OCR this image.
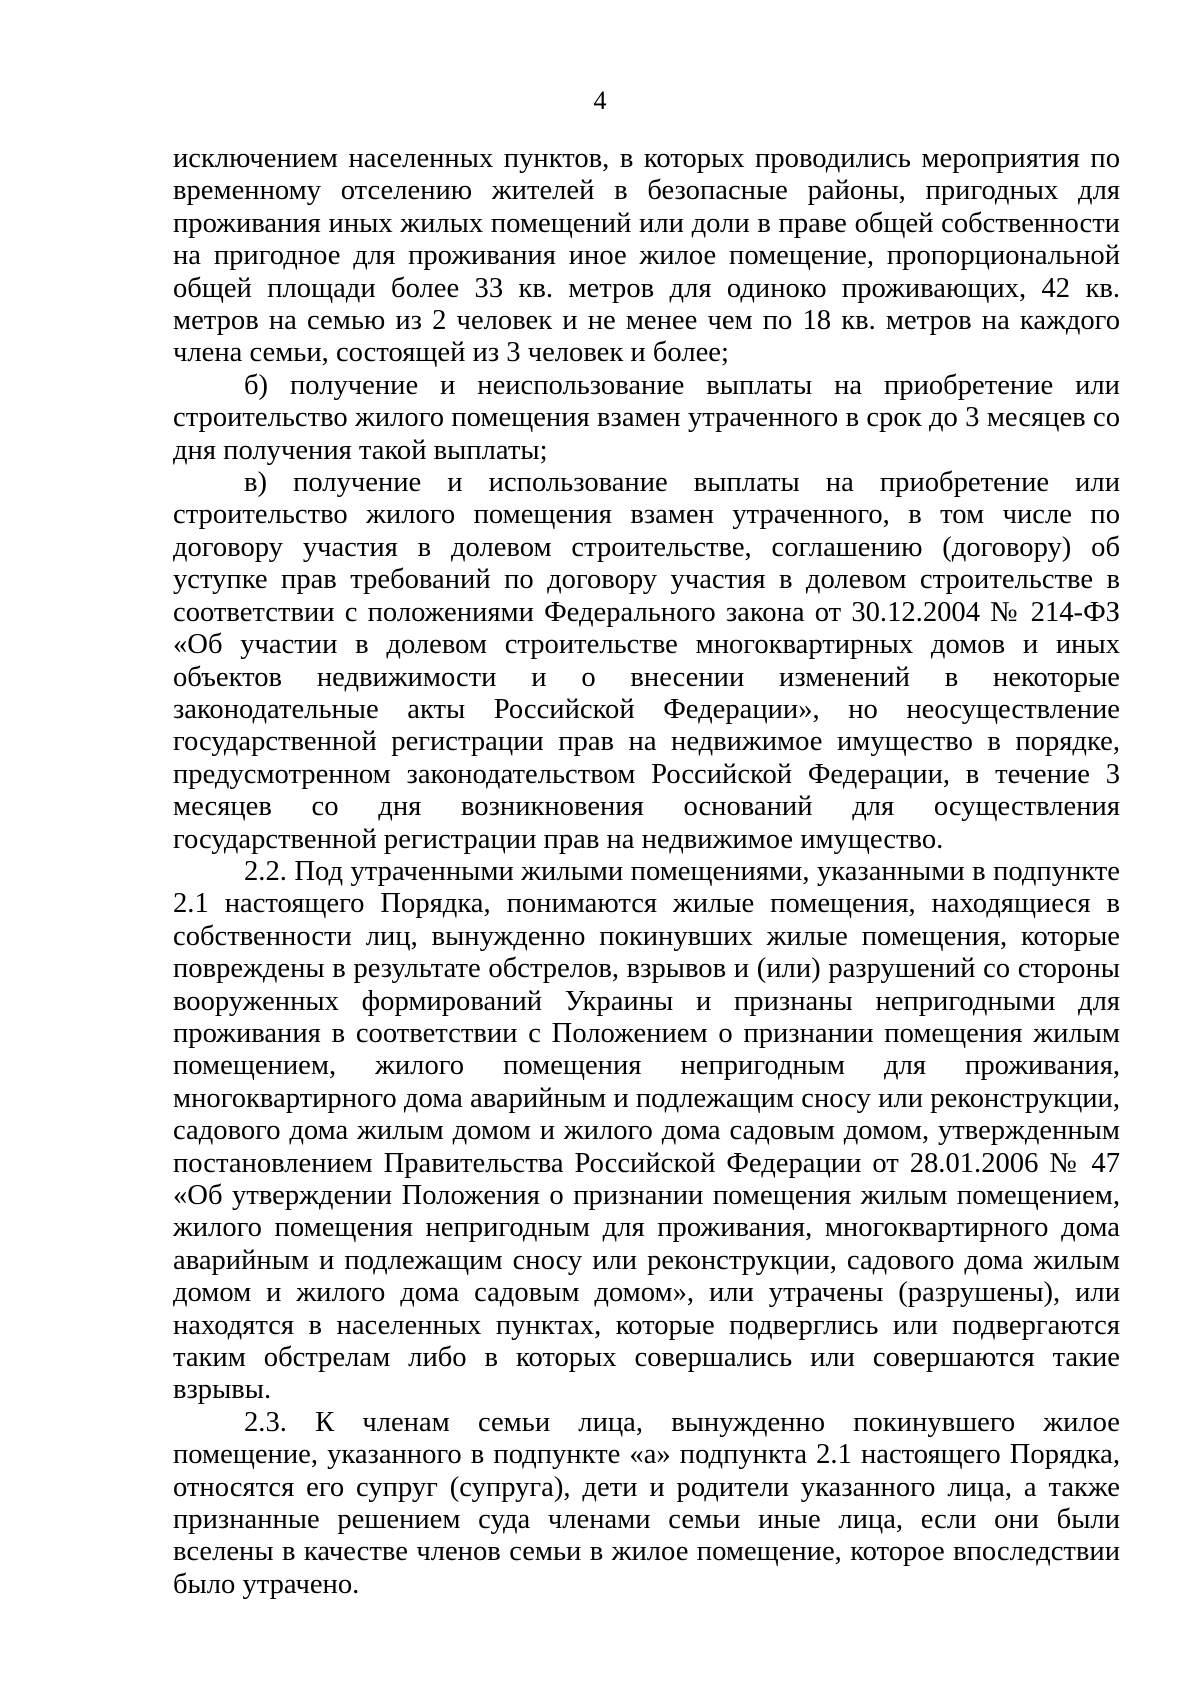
4

исключением населенных пунктов, в которых проводились мероприятия по временному отселению жителей в безопасные районы, пригодных для проживания иных жилых помещений или доли в праве общей собственности на пригодное для проживания иное жилое помещение, пропорциональной общей площади более 33 кв. метров для одиноко проживающих, 42 кв. метров на семью из 2 человек и не менее чем по 18 кв. метров на каждого члена семьи, состоящей из 3 человек и более;

б) получение и неиспользование выплаты на приобретение или строительство жилого помещения взамен утраченного в срок до 3 месяцев со дня получения такой выплаты;

в) получение и использование выплаты на приобретение или строительство жилого помещения взамен утраченного, в том числе по договору участия в долевом строительстве, соглашению (договору) об уступке прав требований по договору участия в долевом строительстве в соответствии с положениями Федерального закона от 30.12.2004 № 214-ФЗ «Об участии в долевом строительстве многоквартирных домов и иных объектов недвижимости и о внесении изменений в некоторые законодательные акты Российской Федерации», но неосуществление государственной регистрации прав на недвижимое имущество в порядке, предусмотренном законодательством Российской Федерации, в течение 3 месяцев со дня возникновения оснований для осуществления государственной регистрации прав на недвижимое имущество.

2.2. Под утраченными жилыми помещениями, указанными в подпункте 2.1 настоящего Порядка, понимаются жилые помещения, находящиеся в собственности лиц, вынужденно покинувших жилые помещения, которые повреждены в результате обстрелов, взрывов и (или) разрушений со стороны вооруженных формирований Украины и признаны непригодными для проживания в соответствии с Положением о признании помещения жилым помещением, жилого помещения непригодным для проживания, многоквартирного дома аварийным и подлежащим сносу или реконструкции, садового дома жилым домом и жилого дома садовым домом, утвержденным постановлением Правительства Российской Федерации от 28.01.2006 № 47 «Об утверждении Положения о признании помещения жилым помещением, жилого помещения непригодным для проживания, многоквартирного дома аварийным и подлежащим сносу или реконструкции, садового дома жилым домом и жилого дома садовым домом», или утрачены (разрушены), или находятся в населенных пунктах, которые подверглись или подвергаются таким обстрелам либо в которых совершались или совершаются такие взрывы.

2.3. К членам семьи лица, вынужденно покинувшего жилое помещение, указанного в подпункте «а» подпункта 2.1 настоящего Порядка, относятся его супруг (супруга), дети и родители указанного лица, а также признанные решением суда членами семьи иные лица, если они были вселены в качестве членов семьи в жилое помещение, которое впоследствии было утрачено.
